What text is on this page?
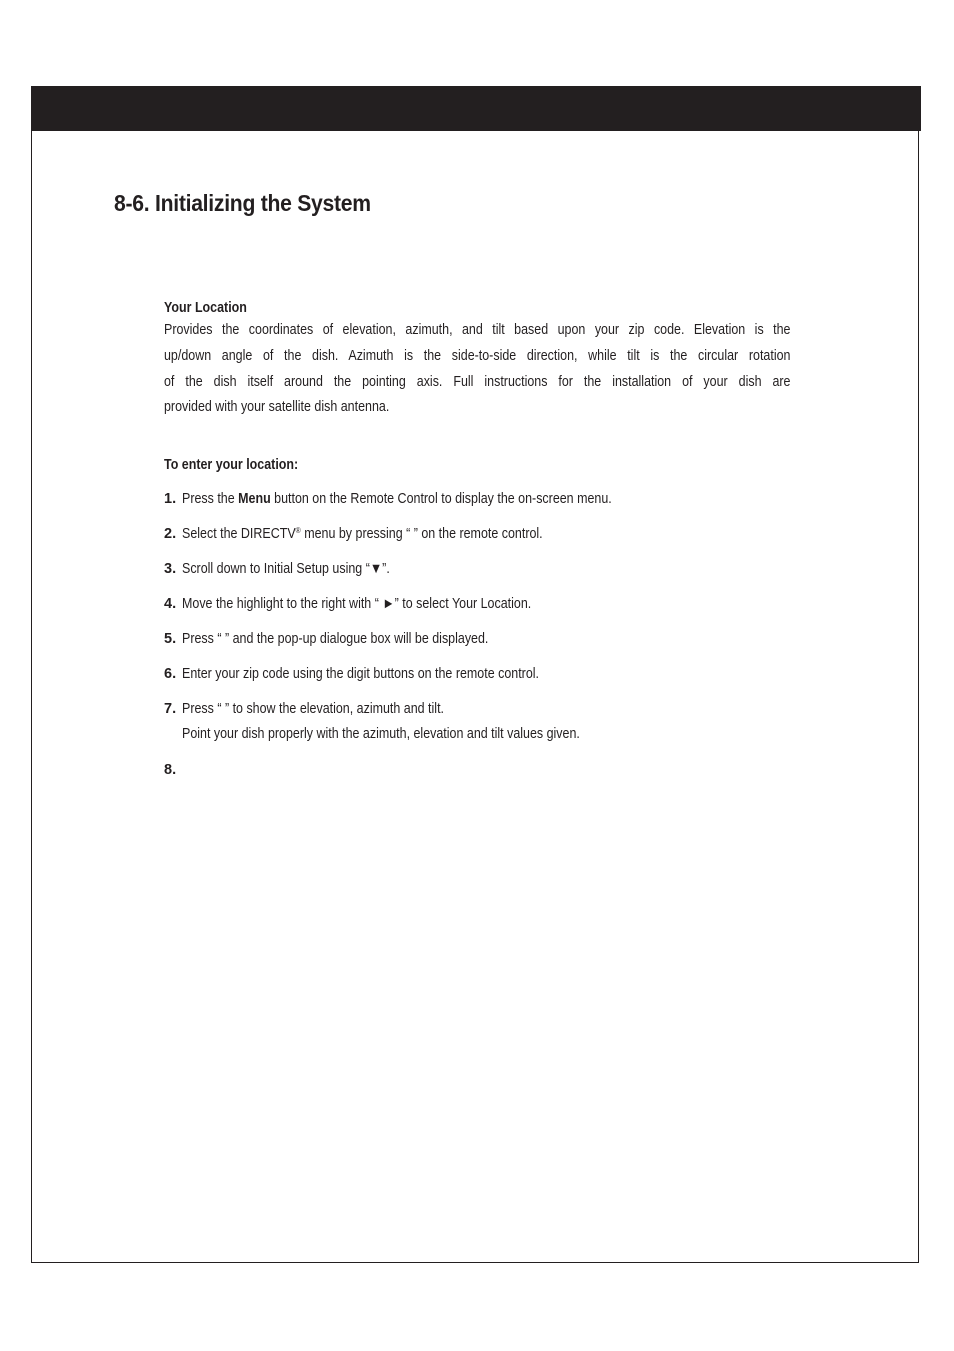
8-6. Initializing the System
Your Location
Provides the coordinates of elevation, azimuth, and tilt based upon your zip code. Elevation is the
up/down angle of the dish. Azimuth is the side-to-side direction, while tilt is the circular rotation
of the dish itself around the pointing axis. Full instructions for the installation of your dish are
provided with your satellite dish antenna.
To enter your location:
1. Press the Menu button on the Remote Control to display the on-screen menu.
2. Select the DIRECTV® menu by pressing “ ” on the remote control.
3. Scroll down to Initial Setup using “▼”.
4. Move the highlight to the right with “ ►” to select Your Location.
5. Press “ ” and the pop-up dialogue box will be displayed.
6. Enter your zip code using the digit buttons on the remote control.
7. Press “ ” to show the elevation, azimuth and tilt.
Point your dish properly with the azimuth, elevation and tilt values given.
8.
